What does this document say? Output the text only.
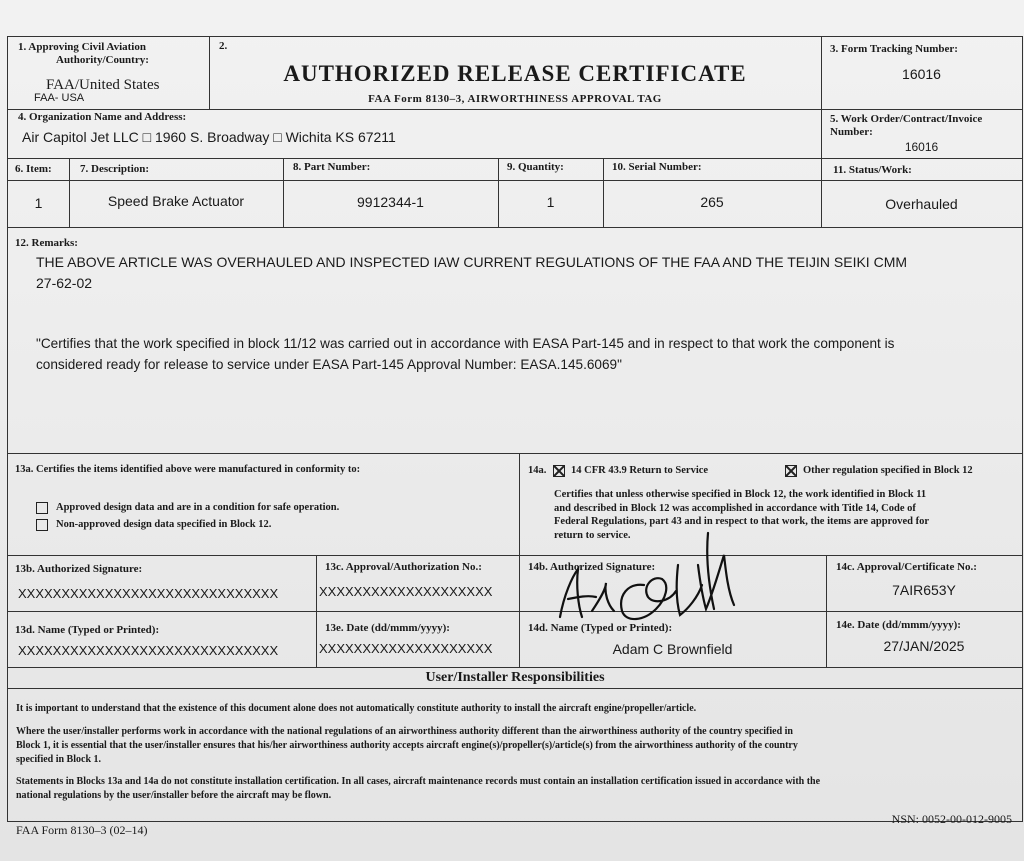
1. Approving Civil Aviation
Authority/Country:
FAA/United States
FAA- USA
2.
AUTHORIZED RELEASE CERTIFICATE
FAA Form 8130–3, AIRWORTHINESS APPROVAL TAG
3. Form Tracking Number:
16016
4. Organization Name and Address:
Air Capitol Jet LLC □ 1960 S. Broadway □ Wichita KS 67211
5. Work Order/Contract/Invoice
Number:
16016
6. Item:	7. Description:	8. Part Number:	9. Quantity:	10. Serial Number:	11. Status/Work:
1	Speed Brake Actuator	9912344-1	1	265	Overhauled
12. Remarks:
THE ABOVE ARTICLE WAS OVERHAULED AND INSPECTED IAW CURRENT REGULATIONS OF THE FAA AND THE TEIJIN SEIKI CMM
27-62-02
"Certifies that the work specified in block 11/12 was carried out in accordance with EASA Part-145 and in respect to that work the component is
considered ready for release to service under EASA Part-145 Approval Number: EASA.145.6069"
13a. Certifies the items identified above were manufactured in conformity to:
Approved design data and are in a condition for safe operation.
Non-approved design data specified in Block 12.
14a. 14 CFR 43.9 Return to Service	Other regulation specified in Block 12
Certifies that unless otherwise specified in Block 12, the work identified in Block 11
and described in Block 12 was accomplished in accordance with Title 14, Code of
Federal Regulations, part 43 and in respect to that work, the items are approved for
return to service.
13b. Authorized Signature:
XXXXXXXXXXXXXXXXXXXXXXXXXXXXXX
13c. Approval/Authorization No.:
XXXXXXXXXXXXXXXXXXXX
14b. Authorized Signature:	14c. Approval/Certificate No.:
7AIR653Y
13d. Name (Typed or Printed):
XXXXXXXXXXXXXXXXXXXXXXXXXXXXXX
13e. Date (dd/mmm/yyyy):
XXXXXXXXXXXXXXXXXXXX
14d. Name (Typed or Printed):
Adam C Brownfield
14e. Date (dd/mmm/yyyy):
27/JAN/2025
User/Installer Responsibilities
It is important to understand that the existence of this document alone does not automatically constitute authority to install the aircraft engine/propeller/article.
Where the user/installer performs work in accordance with the national regulations of an airworthiness authority different than the airworthiness authority of the country specified in
Block 1, it is essential that the user/installer ensures that his/her airworthiness authority accepts aircraft engine(s)/propeller(s)/article(s) from the airworthiness authority of the country
specified in Block 1.
Statements in Blocks 13a and 14a do not constitute installation certification. In all cases, aircraft maintenance records must contain an installation certification issued in accordance with the
national regulations by the user/installer before the aircraft may be flown.
FAA Form 8130–3 (02–14)
NSN: 0052-00-012-9005
